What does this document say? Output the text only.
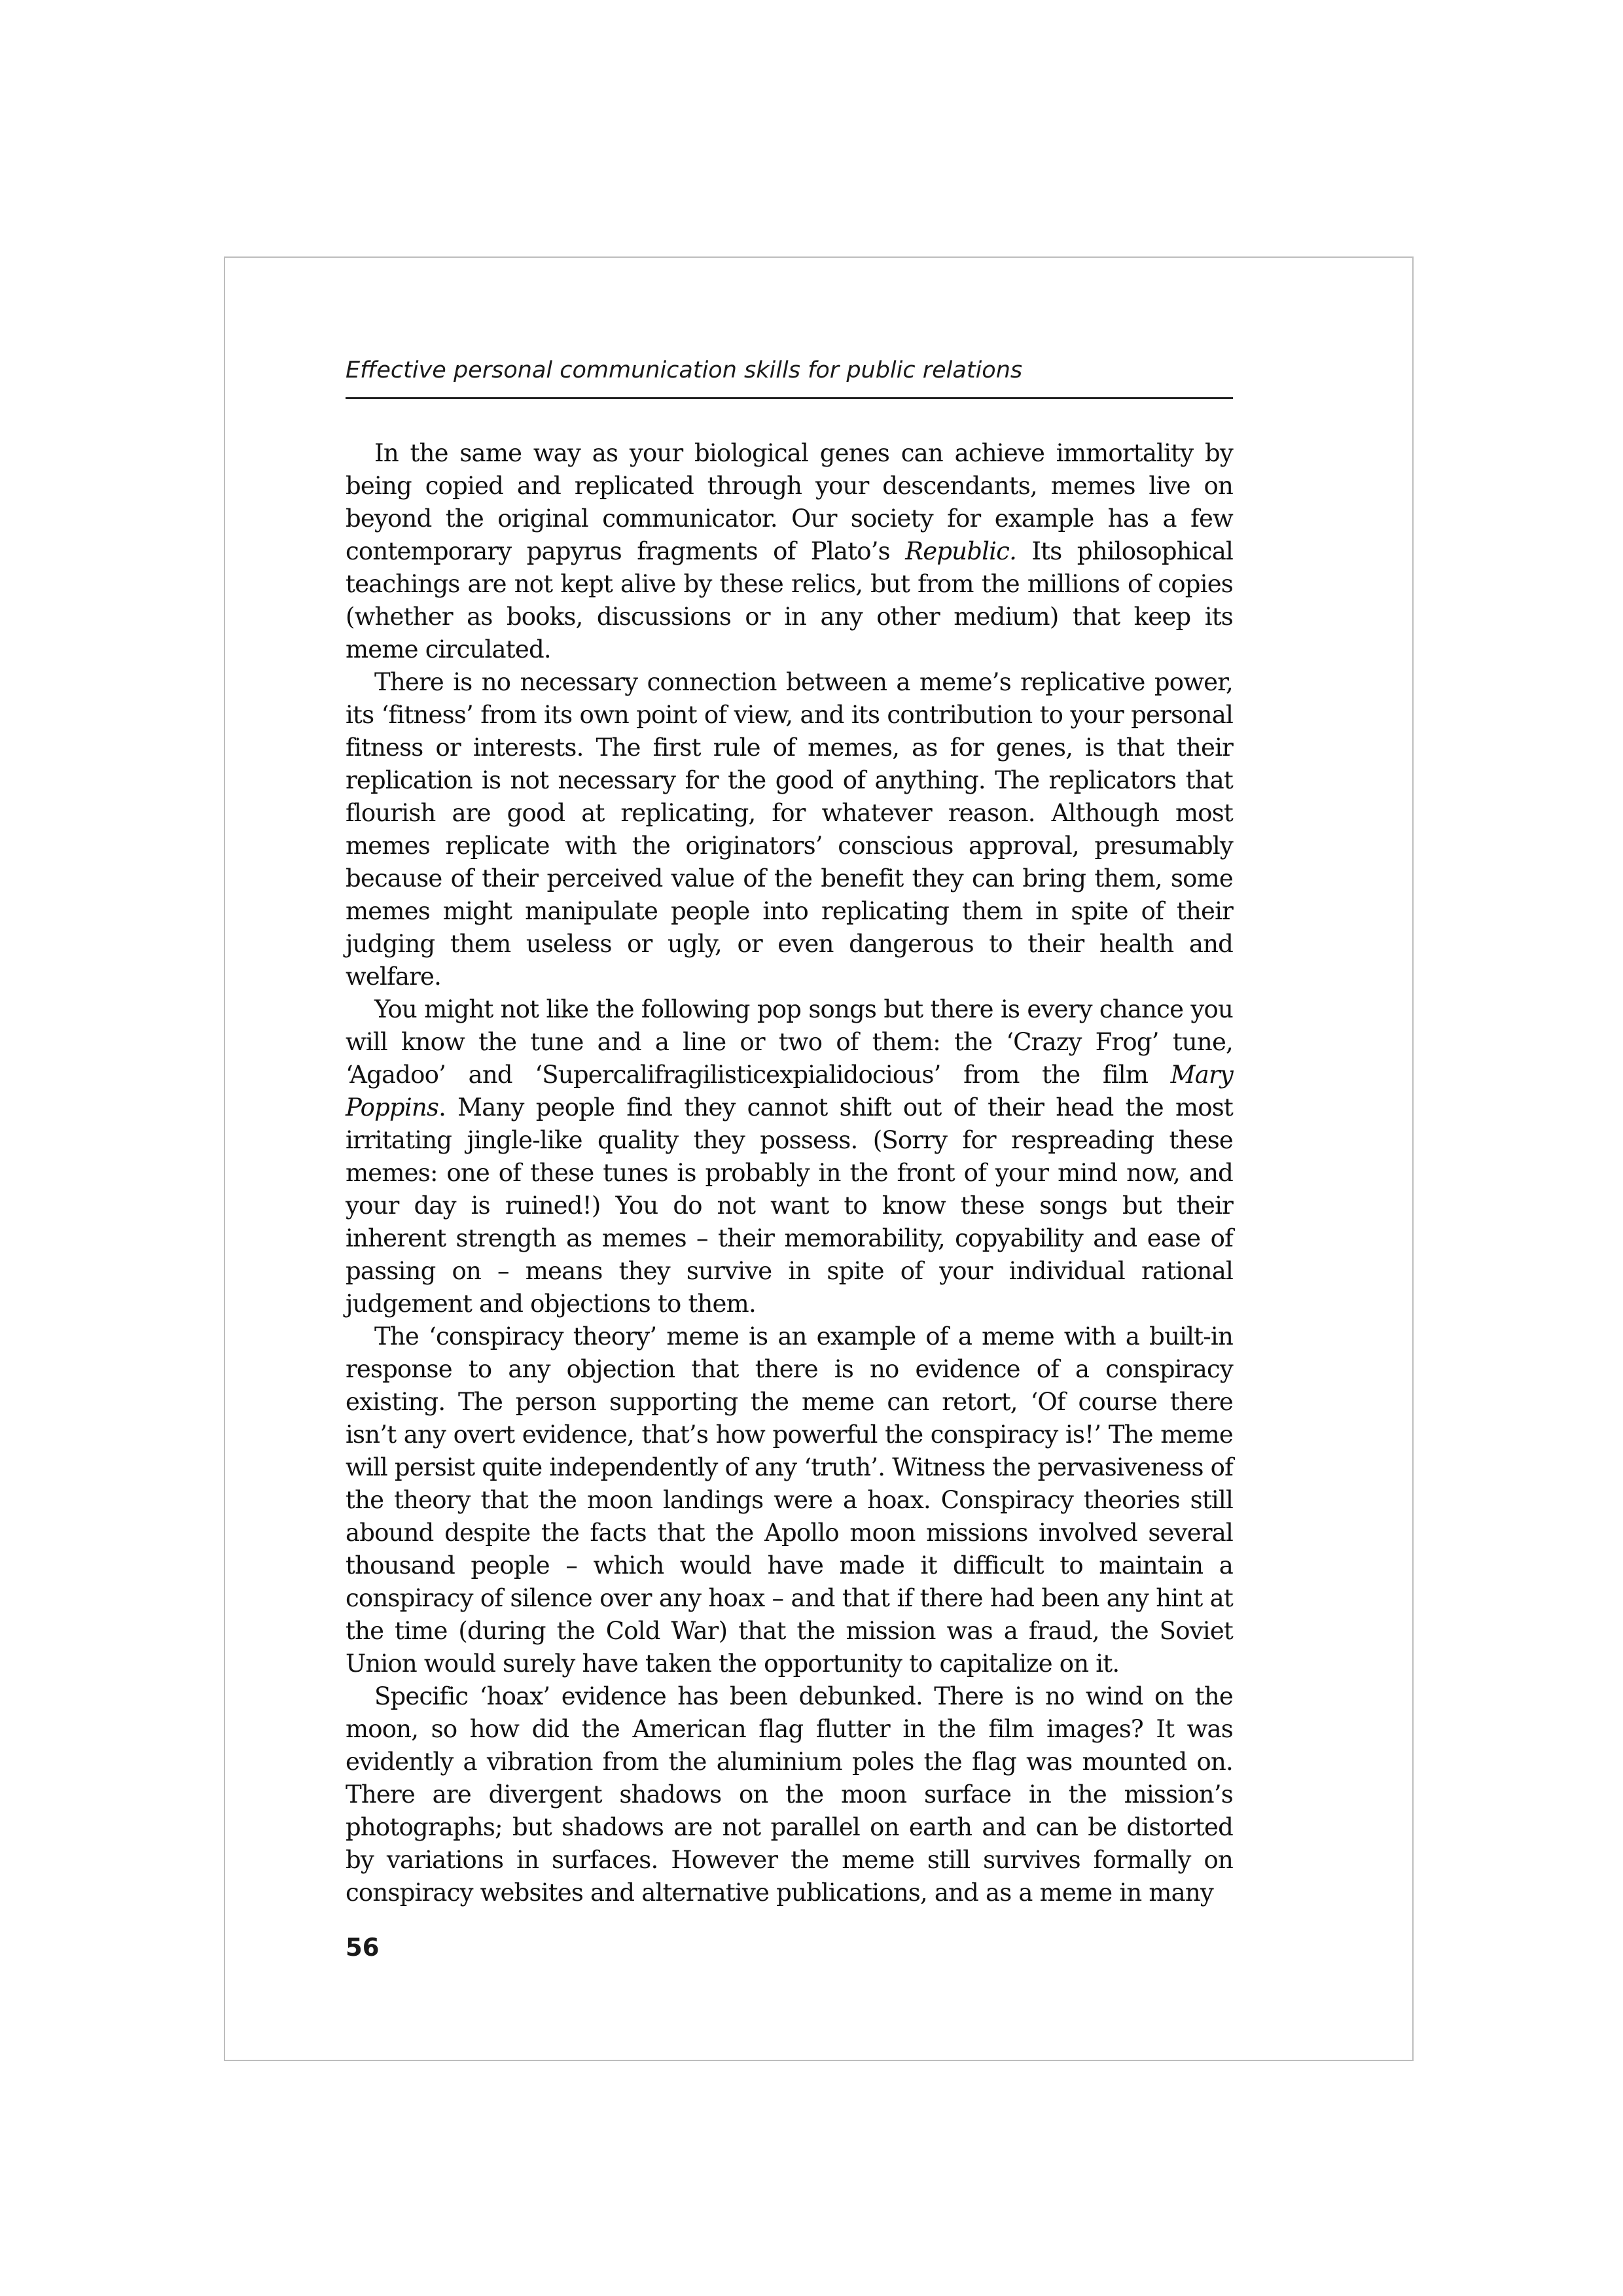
Effective personal communication skills for public relations

In the same way as your biological genes can achieve immortality by being copied and replicated through your descendants, memes live on beyond the original communicator. Our society for example has a few contemporary papyrus fragments of Plato’s Republic. Its philosophical teachings are not kept alive by these relics, but from the millions of copies (whether as books, discussions or in any other medium) that keep its meme circulated.

There is no necessary connection between a meme’s replicative power, its ‘fitness’ from its own point of view, and its contribution to your personal fitness or interests. The first rule of memes, as for genes, is that their replication is not necessary for the good of anything. The replicators that flourish are good at replicating, for whatever reason. Although most memes replicate with the originators’ conscious approval, presumably because of their perceived value of the benefit they can bring them, some memes might manipulate people into replicating them in spite of their judging them useless or ugly, or even dangerous to their health and welfare.

You might not like the following pop songs but there is every chance you will know the tune and a line or two of them: the ‘Crazy Frog’ tune, ‘Agadoo’ and ‘Supercalifragilisticexpialidocious’ from the film Mary Poppins. Many people find they cannot shift out of their head the most irritating jingle-like quality they possess. (Sorry for respreading these memes: one of these tunes is probably in the front of your mind now, and your day is ruined!) You do not want to know these songs but their inherent strength as memes – their memorability, copyability and ease of passing on – means they survive in spite of your individual rational judgement and objections to them.

The ‘conspiracy theory’ meme is an example of a meme with a built-in response to any objection that there is no evidence of a conspiracy existing. The person supporting the meme can retort, ‘Of course there isn’t any overt evidence, that’s how powerful the conspiracy is!’ The meme will persist quite independently of any ‘truth’. Witness the pervasiveness of the theory that the moon landings were a hoax. Conspiracy theories still abound despite the facts that the Apollo moon missions involved several thousand people – which would have made it difficult to maintain a conspiracy of silence over any hoax – and that if there had been any hint at the time (during the Cold War) that the mission was a fraud, the Soviet Union would surely have taken the opportunity to capitalize on it.

Specific ‘hoax’ evidence has been debunked. There is no wind on the moon, so how did the American flag flutter in the film images? It was evidently a vibration from the aluminium poles the flag was mounted on. There are divergent shadows on the moon surface in the mission’s photographs; but shadows are not parallel on earth and can be distorted by variations in surfaces. However the meme still survives formally on conspiracy websites and alternative publications, and as a meme in many

56
